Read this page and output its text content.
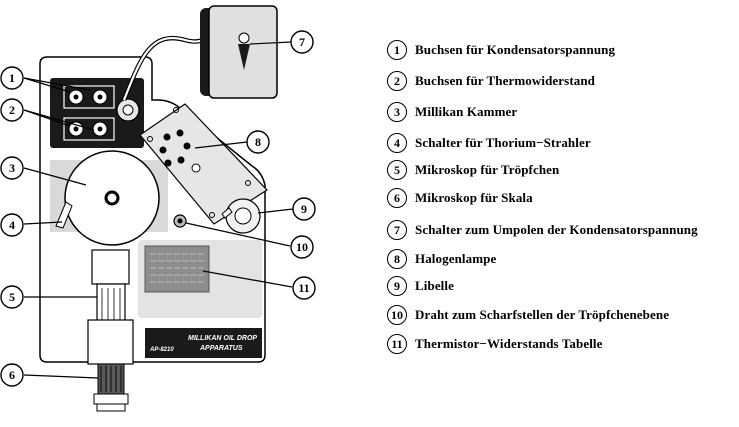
AP-8210
MILLIKAN OIL DROP
APPARATUS
1
2
3
4
5
6
7
8
9
10
11
1	Buchsen für Kondensatorspannung
2	Buchsen für Thermowiderstand
3	Millikan Kammer
4	Schalter für Thorium−Strahler
5	Mikroskop für Tröpfchen
6	Mikroskop für Skala
7	Schalter zum Umpolen der Kondensatorspannung
8	Halogenlampe
9	Libelle
10 Draht zum Scharfstellen der Tröpfchenebene
11 Thermistor−Widerstands Tabelle
